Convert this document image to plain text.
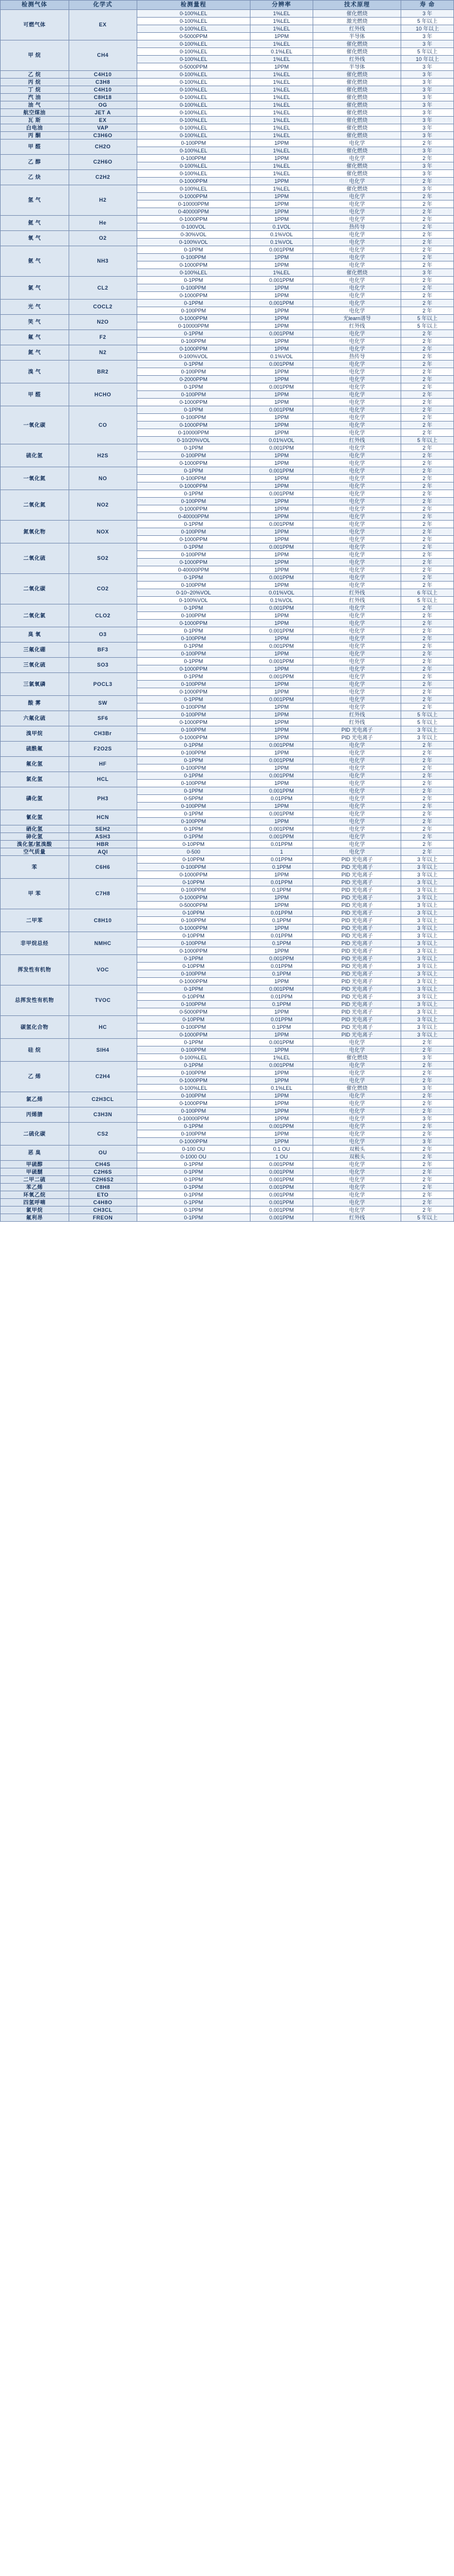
检测气体	化学式	检测量程	分辨率	技术原理	寿 命
可燃气体	EX	0-100%LEL	1%LEL	催化燃烧	3 年
		0-100%LEL	1%LEL	激光燃烧	5 年以上
		0-100%LEL	1%LEL	红外线	10 年以上
		0-5000PPM	1PPM	半导体	3 年
甲 烷	CH4	0-100%LEL	1%LEL	催化燃烧	3 年
		0-100%LEL	0.1%LEL	催化燃烧	5 年以上
		0-100%LEL	1%LEL	红外线	10 年以上
		0-5000PPM	1PPM	半导体	3 年
乙 烷	C4H10	0-100%LEL	1%LEL	催化燃烧	3 年
丙 烷	C3H8	0-100%LEL	1%LEL	催化燃烧	3 年
丁 烷	C4H10	0-100%LEL	1%LEL	催化燃烧	3 年
汽 油	C8H18	0-100%LEL	1%LEL	催化燃烧	3 年
油 气	OG	0-100%LEL	1%LEL	催化燃烧	3 年
航空煤油	JET A	0-100%LEL	1%LEL	催化燃烧	3 年
瓦 斯	EX	0-100%LEL	1%LEL	催化燃烧	3 年
白电油	VAP	0-100%LEL	1%LEL	催化燃烧	3 年
丙 酮	C3H6O	0-100%LEL	1%LEL	催化燃烧	3 年
甲 醛	CH2O	0-100PPM	1PPM	电化学	2 年
		0-100%LEL	1%LEL	催化燃烧	3 年
乙 醇	C2H6O	0-100PPM	1PPM	电化学	2 年
		0-100%LEL	1%LEL	催化燃烧	3 年
乙 炔	C2H2	0-100%LEL	1%LEL	催化燃烧	3 年
		0-1000PPM	1PPM	电化学	2 年
氢 气	H2	0-100%LEL	1%LEL	催化燃烧	3 年
		0-1000PPM	1PPM	电化学	2 年
		0-10000PPM	1PPM	电化学	2 年
		0-40000PPM	1PPM	电化学	2 年
氦 气	He	0-1000PPM	1PPM	电化学	2 年
		0-100VOL	0.1VOL	热传导	2 年
氧 气	O2	0-30%VOL	0.1%VOL	电化学	2 年
		0-100%VOL	0.1%VOL	电化学	2 年
氨 气	NH3	0-1PPM	0.001PPM	电化学	2 年
		0-100PPM	1PPM	电化学	2 年
		0-1000PPM	1PPM	电化学	2 年
		0-100%LEL	1%LEL	催化燃烧	3 年
氯 气	CL2	0-1PPM	0.001PPM	电化学	2 年
		0-100PPM	1PPM	电化学	2 年
		0-1000PPM	1PPM	电化学	2 年
光 气	COCL2	0-1PPM	0.001PPM	电化学	2 年
		0-100PPM	1PPM	电化学	2 年
笑 气	N2O	0-1000PPM	1PPM	光learn谱导	5 年以上
		0-10000PPM	1PPM	红外线	5 年以上
氟 气	F2	0-1PPM	0.001PPM	电化学	2 年
		0-100PPM	1PPM	电化学	2 年
氮 气	N2	0-1000PPM	1PPM	电化学	2 年
		0-100%VOL	0.1%VOL	热传导	2 年
溴 气	BR2	0-1PPM	0.001PPM	电化学	2 年
		0-100PPM	1PPM	电化学	2 年
		0-2000PPM	1PPM	电化学	2 年
甲 醛	HCHO	0-1PPM	0.001PPM	电化学	2 年
		0-100PPM	1PPM	电化学	2 年
		0-1000PPM	1PPM	电化学	2 年
一氧化碳	CO	0-1PPM	0.001PPM	电化学	2 年
		0-100PPM	1PPM	电化学	2 年
		0-1000PPM	1PPM	电化学	2 年
		0-10000PPM	1PPM	电化学	2 年
		0-10/20%VOL	0.01%VOL	红外线	5 年以上
硫化氢	H2S	0-1PPM	0.001PPM	电化学	2 年
		0-100PPM	1PPM	电化学	2 年
		0-1000PPM	1PPM	电化学	2 年
一氧化氮	NO	0-1PPM	0.001PPM	电化学	2 年
		0-100PPM	1PPM	电化学	2 年
		0-1000PPM	1PPM	电化学	2 年
二氧化氮	NO2	0-1PPM	0.001PPM	电化学	2 年
		0-100PPM	1PPM	电化学	2 年
		0-1000PPM	1PPM	电化学	2 年
		0-40000PPM	1PPM	电化学	2 年
氮氧化物	NOX	0-1PPM	0.001PPM	电化学	2 年
		0-100PPM	1PPM	电化学	2 年
		0-1000PPM	1PPM	电化学	2 年
二氧化硫	SO2	0-1PPM	0.001PPM	电化学	2 年
		0-100PPM	1PPM	电化学	2 年
		0-1000PPM	1PPM	电化学	2 年
		0-40000PPM	1PPM	电化学	2 年
二氧化碳	CO2	0-1PPM	0.001PPM	电化学	2 年
		0-100PPM	1PPM	电化学	2 年
		0-10~20%VOL	0.01%VOL	红外线	6 年以上
		0-100%VOL	0.1%VOL	红外线	5 年以上
二氧化氯	CLO2	0-1PPM	0.001PPM	电化学	2 年
		0-100PPM	1PPM	电化学	2 年
		0-1000PPM	1PPM	电化学	2 年
臭 氧	O3	0-1PPM	0.001PPM	电化学	2 年
		0-100PPM	1PPM	电化学	2 年
三氟化硼	BF3	0-1PPM	0.001PPM	电化学	2 年
		0-100PPM	1PPM	电化学	2 年
三氧化硫	SO3	0-1PPM	0.001PPM	电化学	2 年
		0-1000PPM	1PPM	电化学	2 年
三氯氧磷	POCL3	0-1PPM	0.001PPM	电化学	2 年
		0-100PPM	1PPM	电化学	2 年
		0-1000PPM	1PPM	电化学	2 年
酸 雾	SW	0-1PPM	0.001PPM	电化学	2 年
		0-100PPM	1PPM	电化学	2 年
六氟化硫	SF6	0-100PPM	1PPM	红外线	5 年以上
		0-1000PPM	1PPM	红外线	5 年以上
溴甲烷	CH3Br	0-100PPM	1PPM	PID 光电离子	3 年以上
		0-1000PPM	1PPM	PID 光电离子	3 年以上
硫酰氟	F2O2S	0-1PPM	0.001PPM	电化学	2 年
		0-100PPM	1PPM	电化学	2 年
氟化氢	HF	0-1PPM	0.001PPM	电化学	2 年
		0-100PPM	1PPM	电化学	2 年
氯化氢	HCL	0-1PPM	0.001PPM	电化学	2 年
		0-100PPM	1PPM	电化学	2 年
磷化氢	PH3	0-1PPM	0.001PPM	电化学	2 年
		0-5PPM	0.01PPM	电化学	2 年
		0-100PPM	1PPM	电化学	2 年
氰化氢	HCN	0-1PPM	0.001PPM	电化学	2 年
		0-100PPM	1PPM	电化学	2 年
硒化氢	SEH2	0-1PPM	0.001PPM	电化学	2 年
砷化氢	ASH3	0-1PPM	0.001PPM	电化学	2 年
溴化氢/氢溴酸	HBR	0-10PPM	0.01PPM	电化学	2 年
空气质量	AQI	0-500	1	电化学	2 年
苯	C6H6	0-10PPM	0.01PPM	PID 光电离子	3 年以上
		0-100PPM	0.1PPM	PID 光电离子	3 年以上
		0-1000PPM	1PPM	PID 光电离子	3 年以上
甲 苯	C7H8	0-10PPM	0.01PPM	PID 光电离子	3 年以上
		0-100PPM	0.1PPM	PID 光电离子	3 年以上
		0-1000PPM	1PPM	PID 光电离子	3 年以上
		0-5000PPM	1PPM	PID 光电离子	3 年以上
二甲苯	C8H10	0-10PPM	0.01PPM	PID 光电离子	3 年以上
		0-100PPM	0.1PPM	PID 光电离子	3 年以上
		0-1000PPM	1PPM	PID 光电离子	3 年以上
非甲烷总烃	NMHC	0-10PPM	0.01PPM	PID 光电离子	3 年以上
		0-100PPM	0.1PPM	PID 光电离子	3 年以上
		0-1000PPM	1PPM	PID 光电离子	3 年以上
挥发性有机物	VOC	0-1PPM	0.001PPM	PID 光电离子	3 年以上
		0-10PPM	0.01PPM	PID 光电离子	3 年以上
		0-100PPM	0.1PPM	PID 光电离子	3 年以上
		0-1000PPM	1PPM	PID 光电离子	3 年以上
总挥发性有机物	TVOC	0-1PPM	0.001PPM	PID 光电离子	3 年以上
		0-10PPM	0.01PPM	PID 光电离子	3 年以上
		0-100PPM	0.1PPM	PID 光电离子	3 年以上
		0-5000PPM	1PPM	PID 光电离子	3 年以上
碳氢化合物	HC	0-10PPM	0.01PPM	PID 光电离子	3 年以上
		0-100PPM	0.1PPM	PID 光电离子	3 年以上
		0-1000PPM	1PPM	PID 光电离子	3 年以上
硅 烷	SIH4	0-1PPM	0.001PPM	电化学	2 年
		0-100PPM	1PPM	电化学	2 年
		0-100%LEL	1%LEL	催化燃烧	3 年
乙 烯	C2H4	0-1PPM	0.001PPM	电化学	2 年
		0-100PPM	1PPM	电化学	2 年
		0-1000PPM	1PPM	电化学	2 年
		0-100%LEL	0.1%LEL	催化燃烧	3 年
氯乙烯	C2H3CL	0-100PPM	1PPM	电化学	2 年
		0-1000PPM	1PPM	电化学	2 年
丙烯腈	C3H3N	0-100PPM	1PPM	电化学	2 年
		0-10000PPM	1PPM	电化学	3 年
二硫化碳	CS2	0-1PPM	0.001PPM	电化学	2 年
		0-100PPM	1PPM	电化学	2 年
		0-1000PPM	1PPM	电化学	3 年
恶 臭	OU	0-100 OU	0.1 OU	双极头	2 年
		0-1000 OU	1 OU	双极头	2 年
甲硫醇	CH4S	0-1PPM	0.001PPM	电化学	2 年
甲硫醚	C2H6S	0-1PPM	0.001PPM	电化学	2 年
二甲二硫	C2H6S2	0-1PPM	0.001PPM	电化学	2 年
苯乙烯	C8H8	0-1PPM	0.001PPM	电化学	2 年
环氧乙烷	ETO	0-1PPM	0.001PPM	电化学	2 年
四氢呼喃	C4H8O	0-1PPM	0.001PPM	电化学	2 年
氯甲烷	CH3CL	0-1PPM	0.001PPM	电化学	2 年
氟利昂	FREON	0-1PPM	0.001PPM	红外线	5 年以上
